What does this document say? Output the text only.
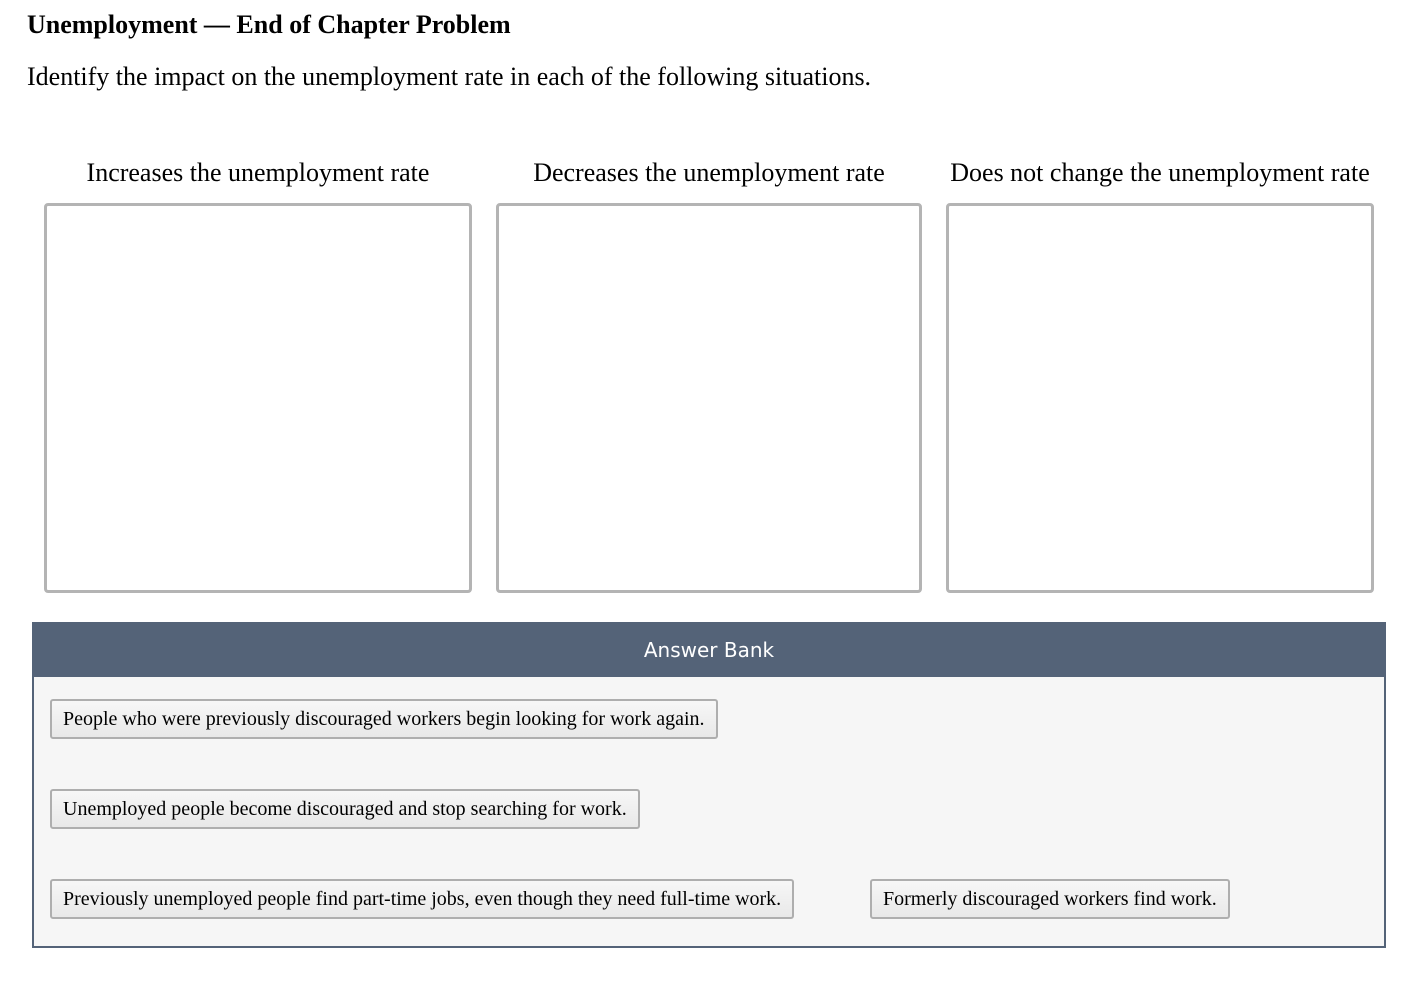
Unemployment — End of Chapter Problem

Identify the impact on the unemployment rate in each of the following situations.

Increases the unemployment rate	Decreases the unemployment rate	Does not change the unemployment rate
Answer Bank
People who were previously discouraged workers begin looking for work again.
Unemployed people become discouraged and stop searching for work.
Previously unemployed people find part-time jobs, even though they need full-time work.	Formerly discouraged workers find work.
